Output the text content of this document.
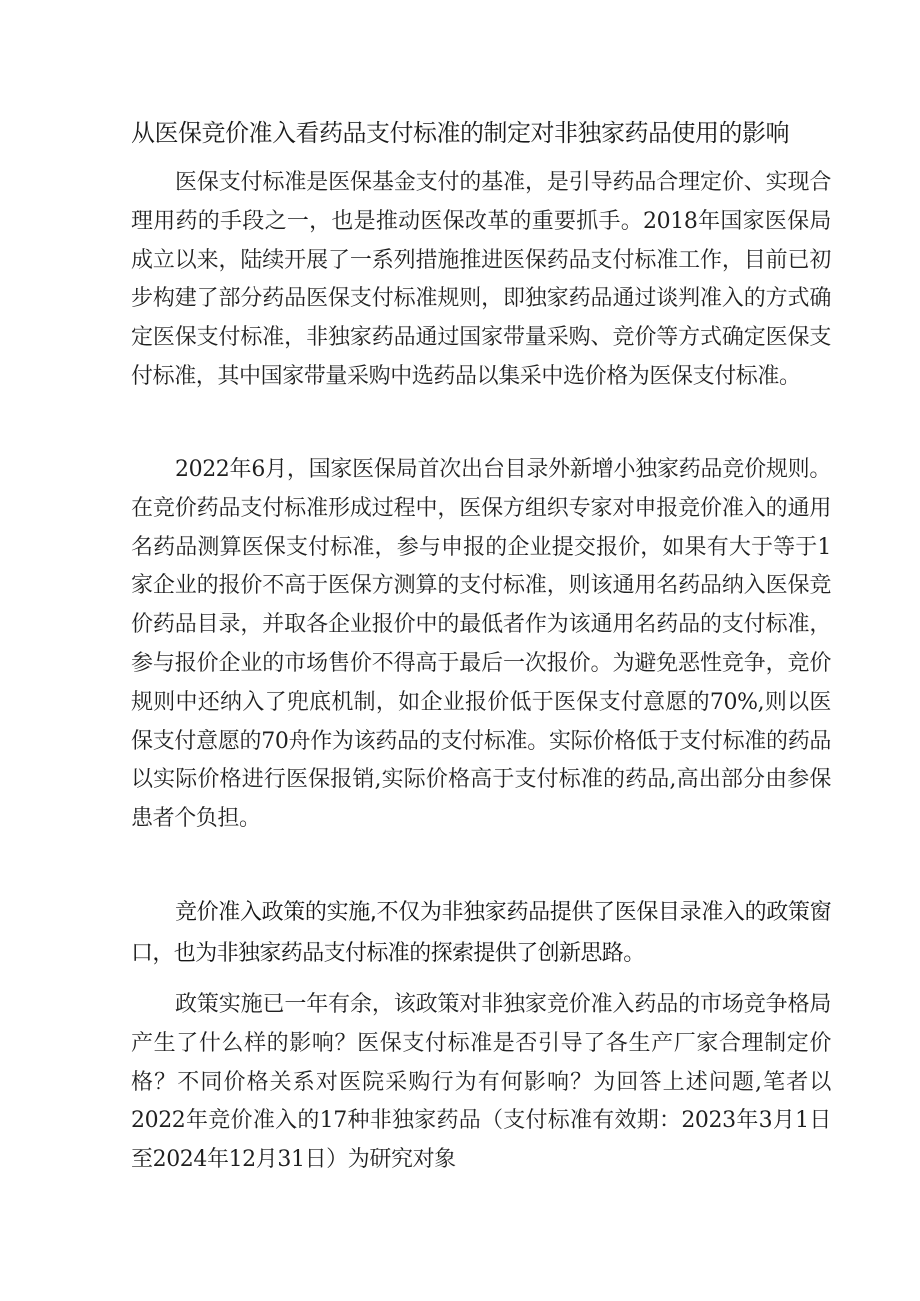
从医保竞价准入看药品支付标准的制定对非独家药品使用的影响

医保支付标准是医保基金支付的基准，是引导药品合理定价、实现合理用药的手段之一，也是推动医保改革的重要抓手。2018年国家医保局成立以来，陆续开展了一系列措施推进医保药品支付标准工作，目前已初步构建了部分药品医保支付标准规则，即独家药品通过谈判准入的方式确定医保支付标准，非独家药品通过国家带量采购、竞价等方式确定医保支付标准，其中国家带量采购中选药品以集采中选价格为医保支付标准。

2022年6月，国家医保局首次出台目录外新增小独家药品竞价规则。在竞价药品支付标准形成过程中，医保方组织专家对申报竞价准入的通用名药品测算医保支付标准，参与申报的企业提交报价，如果有大于等于1家企业的报价不高于医保方测算的支付标准，则该通用名药品纳入医保竞价药品目录，并取各企业报价中的最低者作为该通用名药品的支付标准，参与报价企业的市场售价不得高于最后一次报价。为避免恶性竞争，竞价规则中还纳入了兜底机制，如企业报价低于医保支付意愿的70%,则以医保支付意愿的70舟作为该药品的支付标准。实际价格低于支付标准的药品以实际价格进行医保报销,实际价格高于支付标准的药品,高出部分由参保患者个负担。

竞价准入政策的实施,不仅为非独家药品提供了医保目录准入的政策窗口，也为非独家药品支付标准的探索提供了创新思路。

政策实施已一年有余，该政策对非独家竞价准入药品的市场竞争格局产生了什么样的影响？医保支付标准是否引导了各生产厂家合理制定价格？不同价格关系对医院采购行为有何影响？为回答上述问题,笔者以2022年竞价准入的17种非独家药品（支付标准有效期：2023年3月1日至2024年12月31日）为研究对象
